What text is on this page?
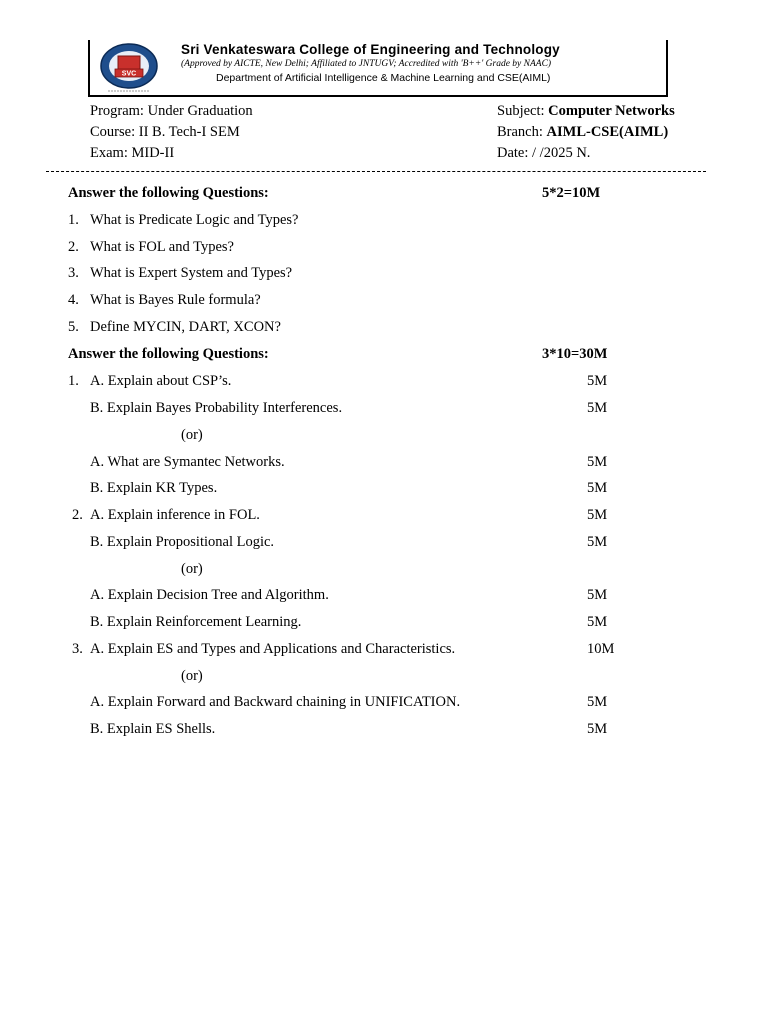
SVC
Sri Venkateswara College of Engineering and Technology
(Approved by AICTE, New Delhi; Affiliated to JNTUGV; Accredited with 'B++' Grade by NAAC)
Department of Artificial Intelligence & Machine Learning and CSE(AIML)
Program: Under Graduation
Course: II B. Tech-I SEM
Exam: MID-II
Subject: Computer Networks
Branch: AIML-CSE(AIML)
Date: / /2025 N.
Answer the following Questions:	5*2=10M
1. What is Predicate Logic and Types?
2. What is FOL and Types?
3. What is Expert System and Types?
4. What is Bayes Rule formula?
5. Define MYCIN, DART, XCON?
Answer the following Questions:	3*10=30M
1. A. Explain about CSP’s.	5M
B. Explain Bayes Probability Interferences.	5M
(or)
A. What are Symantec Networks.	5M
B. Explain KR Types.	5M
2. A. Explain inference in FOL.	5M
B. Explain Propositional Logic.	5M
(or)
A. Explain Decision Tree and Algorithm.	5M
B. Explain Reinforcement Learning.	5M
3. A. Explain ES and Types and Applications and Characteristics.	10M
(or)
A. Explain Forward and Backward chaining in UNIFICATION.	5M
B. Explain ES Shells.	5M
